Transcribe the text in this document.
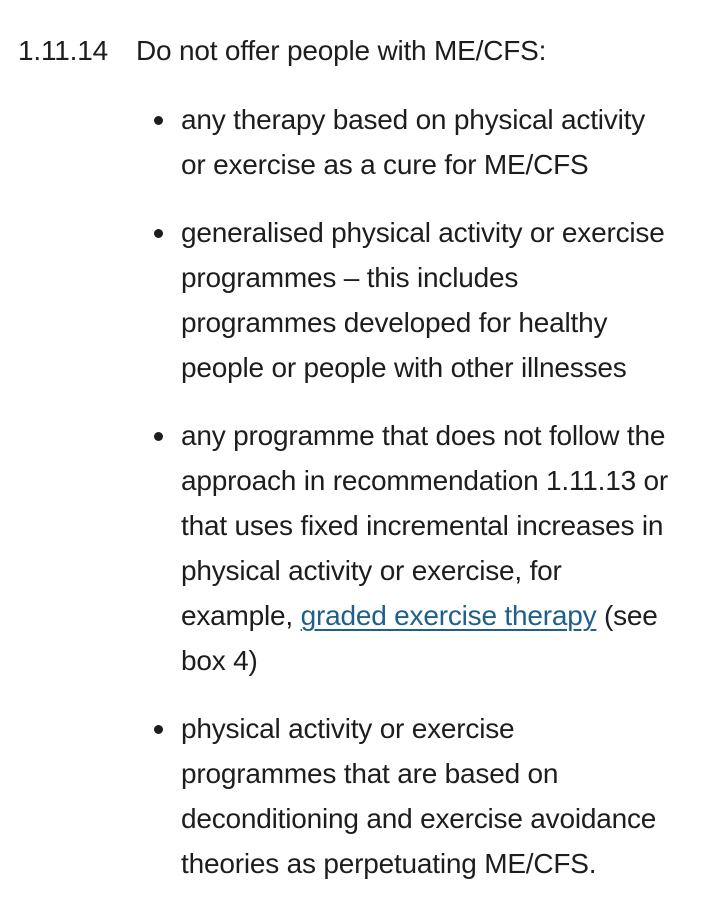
1.11.14	Do not offer people with ME/CFS:
any therapy based on physical activity
or exercise as a cure for ME/CFS
generalised physical activity or exercise
programmes – this includes
programmes developed for healthy
people or people with other illnesses
any programme that does not follow the
approach in recommendation 1.11.13 or
that uses fixed incremental increases in
physical activity or exercise, for
example, graded exercise therapy (see
box 4)
physical activity or exercise
programmes that are based on
deconditioning and exercise avoidance
theories as perpetuating ME/CFS.
